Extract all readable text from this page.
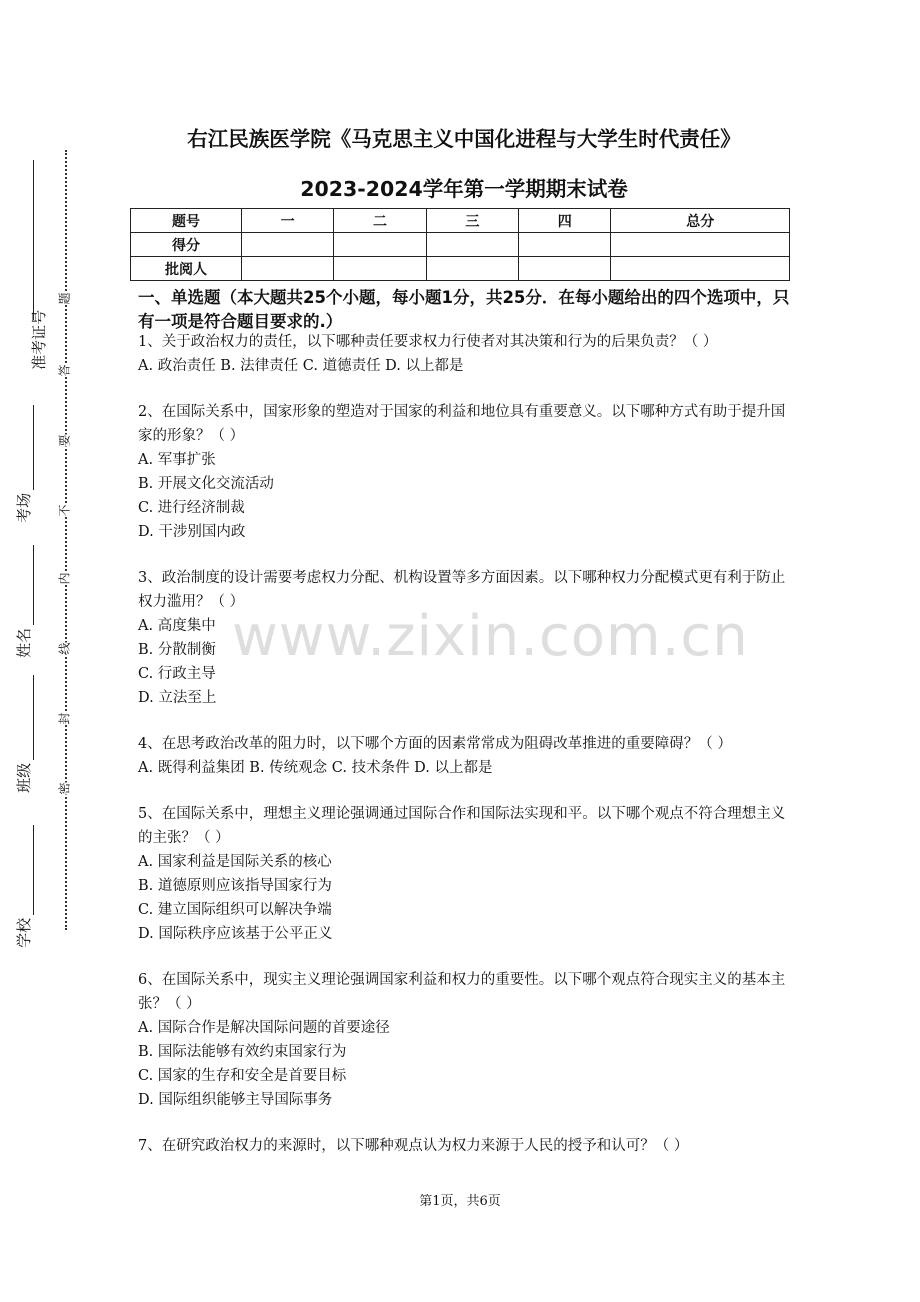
准考证号
考场
姓名
班级
学校
题
答
要
不
内
线
封
密
右江民族医学院《马克思主义中国化进程与大学生时代责任》
2023-2024学年第一学期期末试卷
题号	一	二	三	四	总分
得分					
批阅人					
一、单选题（本大题共25个小题，每小题1分，共25分．在每小题给出的四个选项中，只有一项是符合题目要求的.）

1、关于政治权力的责任，以下哪种责任要求权力行使者对其决策和行为的后果负责？（ ）

A. 政治责任 B. 法律责任 C. 道德责任 D. 以上都是

2、在国际关系中，国家形象的塑造对于国家的利益和地位具有重要意义。以下哪种方式有助于提升国家的形象？（ ）

A. 军事扩张

B. 开展文化交流活动

C. 进行经济制裁

D. 干涉别国内政

3、政治制度的设计需要考虑权力分配、机构设置等多方面因素。以下哪种权力分配模式更有利于防止权力滥用？（ ）

A. 高度集中

B. 分散制衡

C. 行政主导

D. 立法至上

4、在思考政治改革的阻力时，以下哪个方面的因素常常成为阻碍改革推进的重要障碍？（ ）

A. 既得利益集团 B. 传统观念 C. 技术条件 D. 以上都是

5、在国际关系中，理想主义理论强调通过国际合作和国际法实现和平。以下哪个观点不符合理想主义的主张？（ ）

A. 国家利益是国际关系的核心

B. 道德原则应该指导国家行为

C. 建立国际组织可以解决争端

D. 国际秩序应该基于公平正义

6、在国际关系中，现实主义理论强调国家利益和权力的重要性。以下哪个观点符合现实主义的基本主张？（ ）

A. 国际合作是解决国际问题的首要途径

B. 国际法能够有效约束国家行为

C. 国家的生存和安全是首要目标

D. 国际组织能够主导国际事务

7、在研究政治权力的来源时，以下哪种观点认为权力来源于人民的授予和认可？（ ）

www.zixin.com.cn
第1页，共6页
